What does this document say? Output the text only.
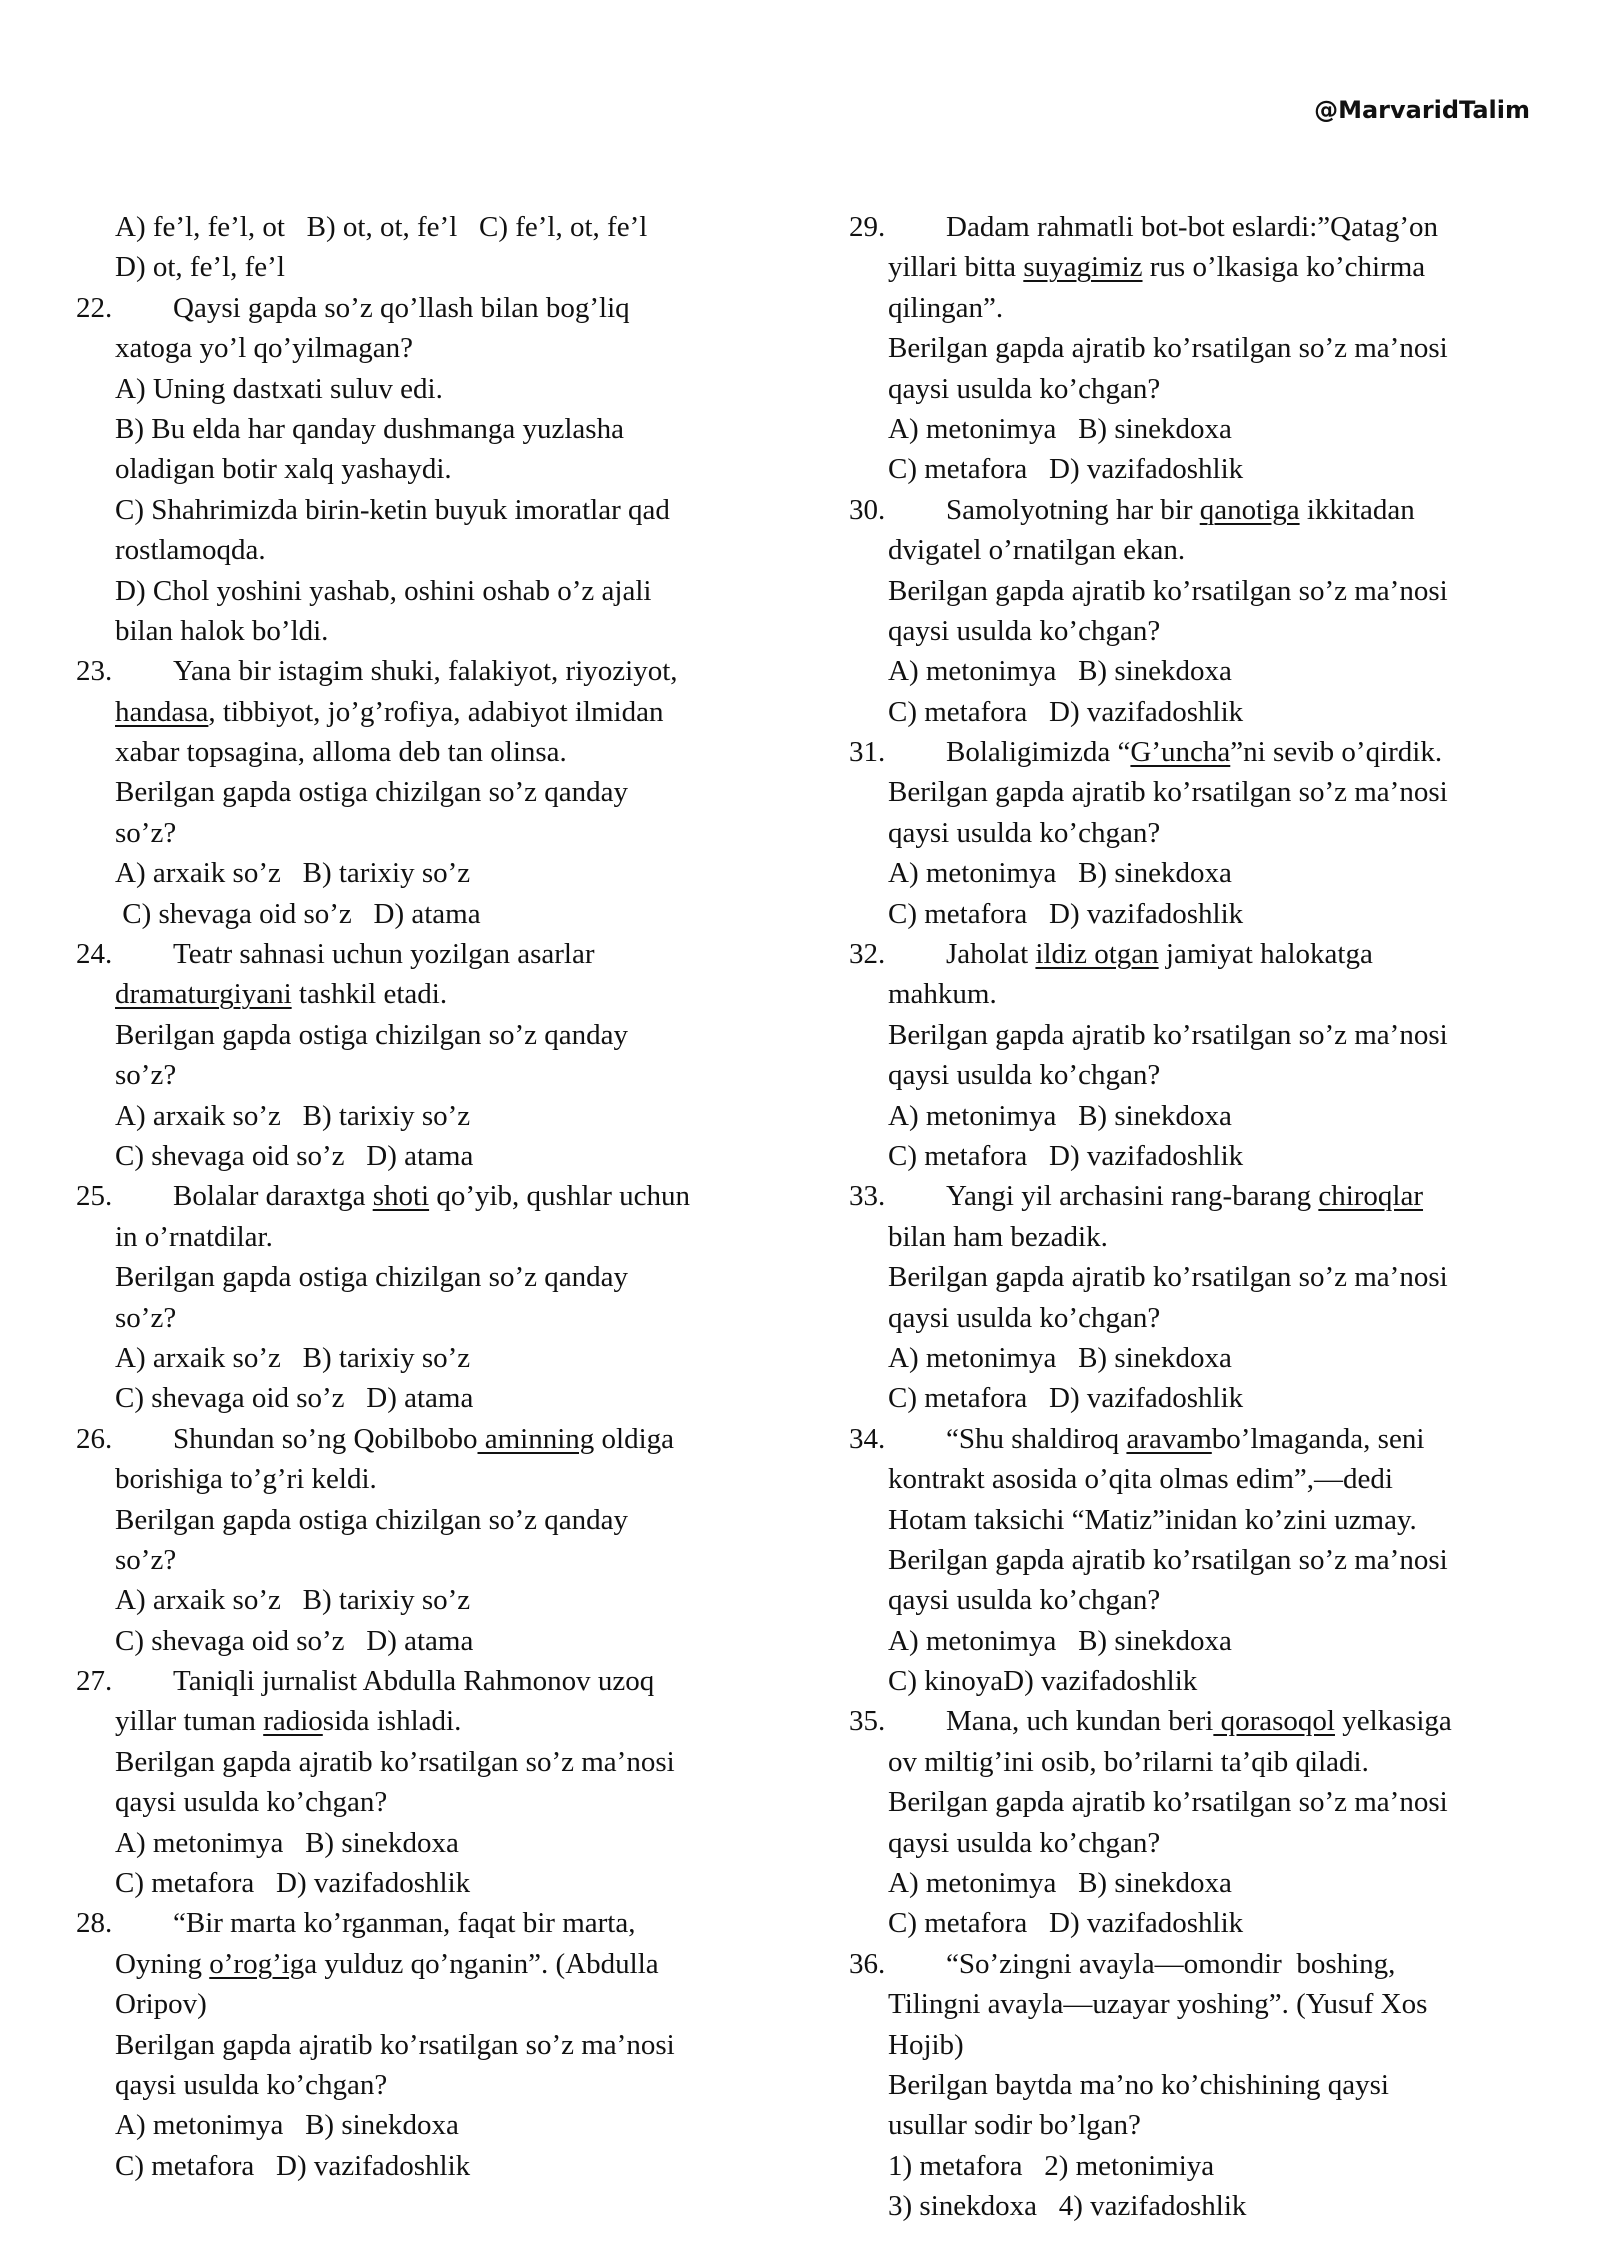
@MarvaridTalim
A) fe’l, fe’l, ot   B) ot, ot, fe’l   C) fe’l, ot, fe’l
D) ot, fe’l, fe’l
22. Qaysi gapda so’z qo’llash bilan bog’liq
xatoga yo’l qo’yilmagan?
A) Uning dastxati suluv edi.
B) Bu elda har qanday dushmanga yuzlasha
oladigan botir xalq yashaydi.
C) Shahrimizda birin-ketin buyuk imoratlar qad
rostlamoqda.
D) Chol yoshini yashab, oshini oshab o’z ajali
bilan halok bo’ldi.
23. Yana bir istagim shuki, falakiyot, riyoziyot,
handasa, tibbiyot, jo’g’rofiya, adabiyot ilmidan
xabar topsagina, alloma deb tan olinsa.
Berilgan gapda ostiga chizilgan so’z qanday
so’z?
A) arxaik so’z   B) tarixiy so’z
C) shevaga oid so’z   D) atama
24. Teatr sahnasi uchun yozilgan asarlar
dramaturgiyani tashkil etadi.
Berilgan gapda ostiga chizilgan so’z qanday
so’z?
A) arxaik so’z   B) tarixiy so’z
C) shevaga oid so’z   D) atama
25. Bolalar daraxtga shoti qo’yib, qushlar uchun
in o’rnatdilar.
Berilgan gapda ostiga chizilgan so’z qanday
so’z?
A) arxaik so’z   B) tarixiy so’z
C) shevaga oid so’z   D) atama
26. Shundan so’ng Qobilbobo aminning oldiga
borishiga to’g’ri keldi.
Berilgan gapda ostiga chizilgan so’z qanday
so’z?
A) arxaik so’z   B) tarixiy so’z
C) shevaga oid so’z   D) atama
27. Taniqli jurnalist Abdulla Rahmonov uzoq
yillar tuman radiosida ishladi.
Berilgan gapda ajratib ko’rsatilgan so’z ma’nosi
qaysi usulda ko’chgan?
A) metonimya   B) sinekdoxa
C) metafora   D) vazifadoshlik
28. “Bir marta ko’rganman, faqat bir marta,
Oyning o’rog’iga yulduz qo’nganin”. (Abdulla
Oripov)
Berilgan gapda ajratib ko’rsatilgan so’z ma’nosi
qaysi usulda ko’chgan?
A) metonimya   B) sinekdoxa
C) metafora   D) vazifadoshlik
29. Dadam rahmatli bot-bot eslardi:”Qatag’on
yillari bitta suyagimiz rus o’lkasiga ko’chirma
qilingan”.
Berilgan gapda ajratib ko’rsatilgan so’z ma’nosi
qaysi usulda ko’chgan?
A) metonimya   B) sinekdoxa
C) metafora   D) vazifadoshlik
30. Samolyotning har bir qanotiga ikkitadan
dvigatel o’rnatilgan ekan.
Berilgan gapda ajratib ko’rsatilgan so’z ma’nosi
qaysi usulda ko’chgan?
A) metonimya   B) sinekdoxa
C) metafora   D) vazifadoshlik
31. Bolaligimizda “G’uncha”ni sevib o’qirdik.
Berilgan gapda ajratib ko’rsatilgan so’z ma’nosi
qaysi usulda ko’chgan?
A) metonimya   B) sinekdoxa
C) metafora   D) vazifadoshlik
32. Jaholat ildiz otgan jamiyat halokatga
mahkum.
Berilgan gapda ajratib ko’rsatilgan so’z ma’nosi
qaysi usulda ko’chgan?
A) metonimya   B) sinekdoxa
C) metafora   D) vazifadoshlik
33. Yangi yil archasini rang-barang chiroqlar
bilan ham bezadik.
Berilgan gapda ajratib ko’rsatilgan so’z ma’nosi
qaysi usulda ko’chgan?
A) metonimya   B) sinekdoxa
C) metafora   D) vazifadoshlik
34. “Shu shaldiroq aravambo’lmaganda, seni
kontrakt asosida o’qita olmas edim”,—dedi
Hotam taksichi “Matiz”inidan ko’zini uzmay.
Berilgan gapda ajratib ko’rsatilgan so’z ma’nosi
qaysi usulda ko’chgan?
A) metonimya   B) sinekdoxa
C) kinoyaD) vazifadoshlik
35. Mana, uch kundan beri qorasoqol yelkasiga
ov miltig’ini osib, bo’rilarni ta’qib qiladi.
Berilgan gapda ajratib ko’rsatilgan so’z ma’nosi
qaysi usulda ko’chgan?
A) metonimya   B) sinekdoxa
C) metafora   D) vazifadoshlik
36. “So’zingni avayla—omondir  boshing,
Tilingni avayla—uzayar yoshing”. (Yusuf Xos
Hojib)
Berilgan baytda ma’no ko’chishining qaysi
usullar sodir bo’lgan?
1) metafora   2) metonimiya
3) sinekdoxa   4) vazifadoshlik
